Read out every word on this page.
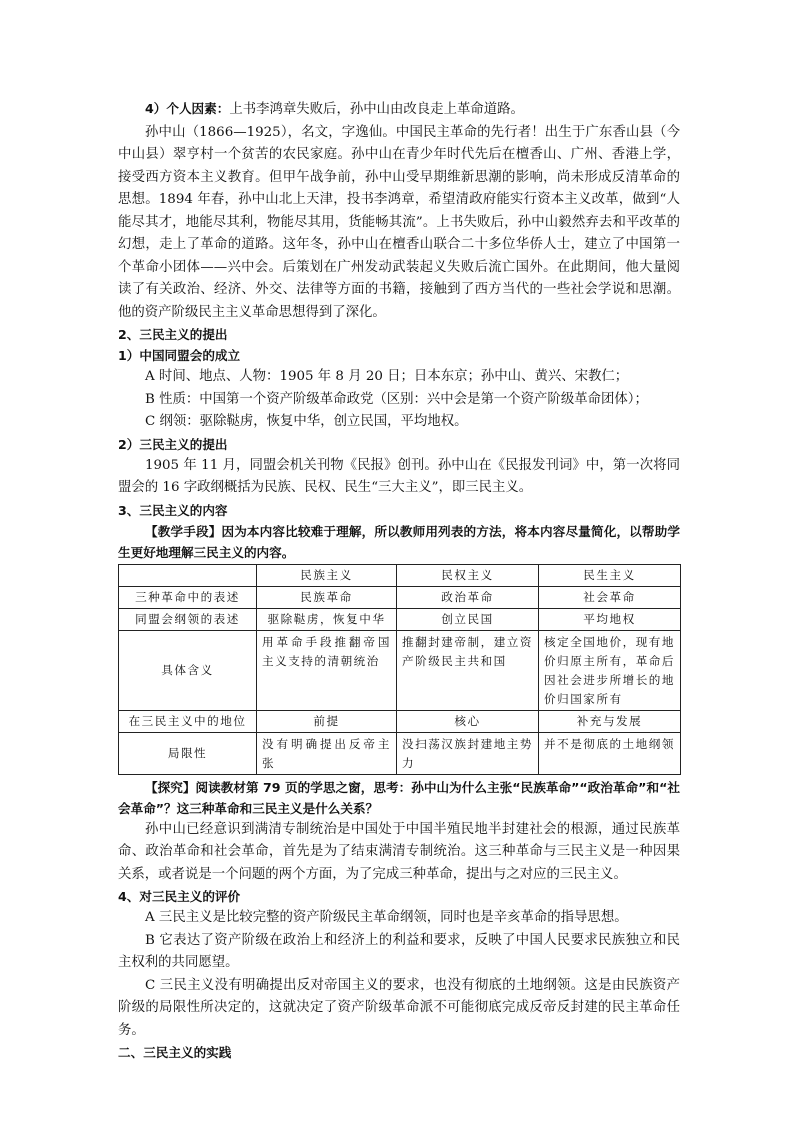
4）个人因素：上书李鸿章失败后，孙中山由改良走上革命道路。

孙中山（1866—1925），名文，字逸仙。中国民主革命的先行者！出生于广东香山县（今中山县）翠亨村一个贫苦的农民家庭。孙中山在青少年时代先后在檀香山、广州、香港上学，接受西方资本主义教育。但甲午战争前，孙中山受早期维新思潮的影响，尚未形成反清革命的思想。1894 年春，孙中山北上天津，投书李鸿章，希望清政府能实行资本主义改革，做到“人能尽其才，地能尽其利，物能尽其用，货能畅其流”。上书失败后，孙中山毅然弃去和平改革的幻想，走上了革命的道路。这年冬，孙中山在檀香山联合二十多位华侨人士，建立了中国第一个革命小团体——兴中会。后策划在广州发动武装起义失败后流亡国外。在此期间，他大量阅读了有关政治、经济、外交、法律等方面的书籍，接触到了西方当代的一些社会学说和思潮。他的资产阶级民主主义革命思想得到了深化。

2、三民主义的提出

1）中国同盟会的成立

A 时间、地点、人物：1905 年 8 月 20 日；日本东京；孙中山、黄兴、宋教仁；

B 性质：中国第一个资产阶级革命政党（区别：兴中会是第一个资产阶级革命团体）；

C 纲领：驱除鞑虏，恢复中华，创立民国，平均地权。

2）三民主义的提出

1905 年 11 月，同盟会机关刊物《民报》创刊。孙中山在《民报发刊词》中，第一次将同盟会的 16 字政纲概括为民族、民权、民生“三大主义”，即三民主义。

3、三民主义的内容

【教学手段】因为本内容比较难于理解，所以教师用列表的方法，将本内容尽量简化，以帮助学生更好地理解三民主义的内容。

	民族主义	民权主义	民生主义
三种革命中的表述	民族革命	政治革命	社会革命
同盟会纲领的表述	驱除鞑虏，恢复中华	创立民国	平均地权
具体含义	用革命手段推翻帝国主义支持的清朝统治	推翻封建帝制，建立资产阶级民主共和国	核定全国地价，现有地价归原主所有，革命后因社会进步所增长的地价归国家所有
在三民主义中的地位	前提	核心	补充与发展
局限性	没有明确提出反帝主张	没扫荡汉族封建地主势力	并不是彻底的土地纲领

【探究】阅读教材第 79 页的学思之窗，思考：孙中山为什么主张“民族革命”“政治革命”和“社会革命”？这三种革命和三民主义是什么关系？

孙中山已经意识到满清专制统治是中国处于中国半殖民地半封建社会的根源，通过民族革命、政治革命和社会革命，首先是为了结束满清专制统治。这三种革命与三民主义是一种因果关系，或者说是一个问题的两个方面，为了完成三种革命，提出与之对应的三民主义。

4、对三民主义的评价

A 三民主义是比较完整的资产阶级民主革命纲领，同时也是辛亥革命的指导思想。

B 它表达了资产阶级在政治上和经济上的利益和要求，反映了中国人民要求民族独立和民主权利的共同愿望。

C 三民主义没有明确提出反对帝国主义的要求，也没有彻底的土地纲领。这是由民族资产阶级的局限性所决定的，这就决定了资产阶级革命派不可能彻底完成反帝反封建的民主革命任务。

二、三民主义的实践
